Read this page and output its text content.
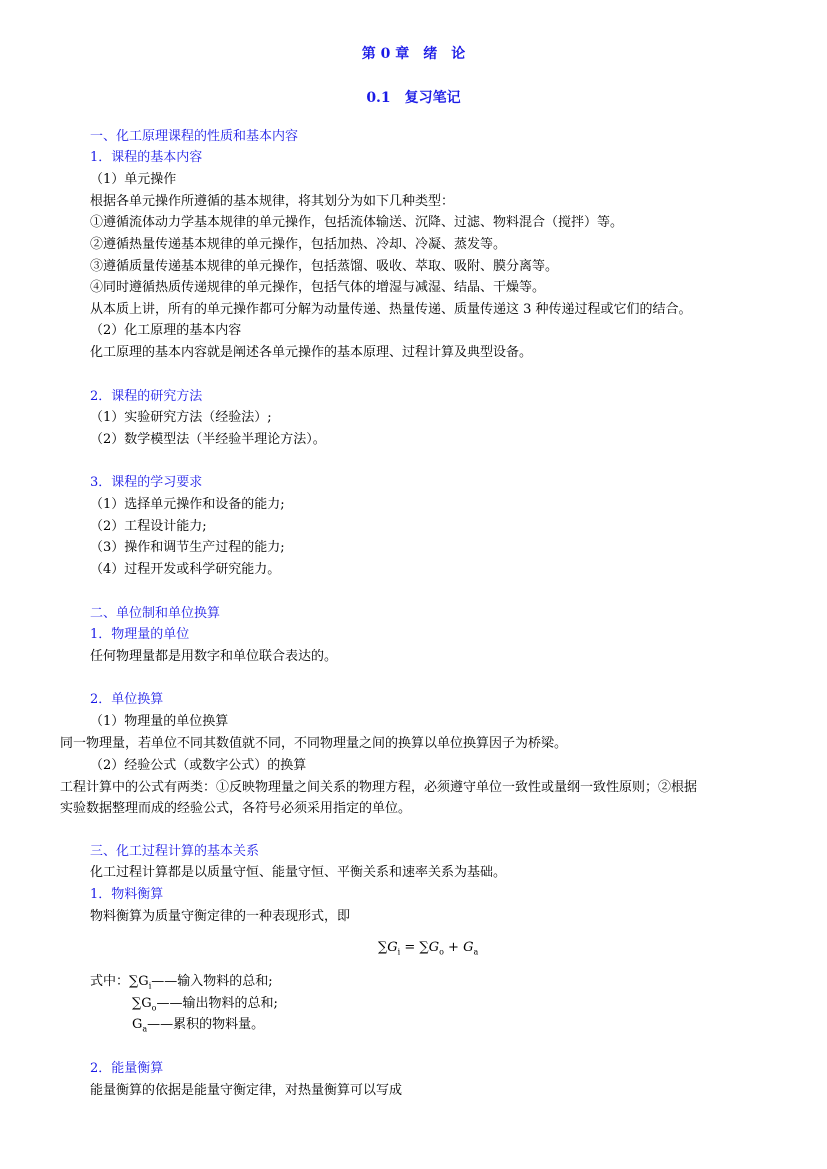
第 0 章　绪　论
0.1　复习笔记
一、化工原理课程的性质和基本内容
1．课程的基本内容
（1）单元操作
根据各单元操作所遵循的基本规律，将其划分为如下几种类型：
①遵循流体动力学基本规律的单元操作，包括流体输送、沉降、过滤、物料混合（搅拌）等。
②遵循热量传递基本规律的单元操作，包括加热、冷却、冷凝、蒸发等。
③遵循质量传递基本规律的单元操作，包括蒸馏、吸收、萃取、吸附、膜分离等。
④同时遵循热质传递规律的单元操作，包括气体的增湿与减湿、结晶、干燥等。
从本质上讲，所有的单元操作都可分解为动量传递、热量传递、质量传递这 3 种传递过程或它们的结合。
（2）化工原理的基本内容
化工原理的基本内容就是阐述各单元操作的基本原理、过程计算及典型设备。
2．课程的研究方法
（1）实验研究方法（经验法）;
（2）数学模型法（半经验半理论方法）。
3．课程的学习要求
（1）选择单元操作和设备的能力;
（2）工程设计能力;
（3）操作和调节生产过程的能力;
（4）过程开发或科学研究能力。
二、单位制和单位换算
1．物理量的单位
任何物理量都是用数字和单位联合表达的。
2．单位换算
（1）物理量的单位换算
同一物理量，若单位不同其数值就不同，不同物理量之间的换算以单位换算因子为桥梁。
（2）经验公式（或数字公式）的换算
工程计算中的公式有两类：①反映物理量之间关系的物理方程，必须遵守单位一致性或量纲一致性原则；②根据
实验数据整理而成的经验公式，各符号必须采用指定的单位。
三、化工过程计算的基本关系
化工过程计算都是以质量守恒、能量守恒、平衡关系和速率关系为基础。
1．物料衡算
物料衡算为质量守衡定律的一种表现形式，即
$\sum G_i = \sum G_o + G_a$
式中：$\sum G_i——$输入物料的总和;
$\sum G_o——$输出物料的总和;
$G_a——$累积的物料量。
2．能量衡算
能量衡算的依据是能量守衡定律，对热量衡算可以写成
